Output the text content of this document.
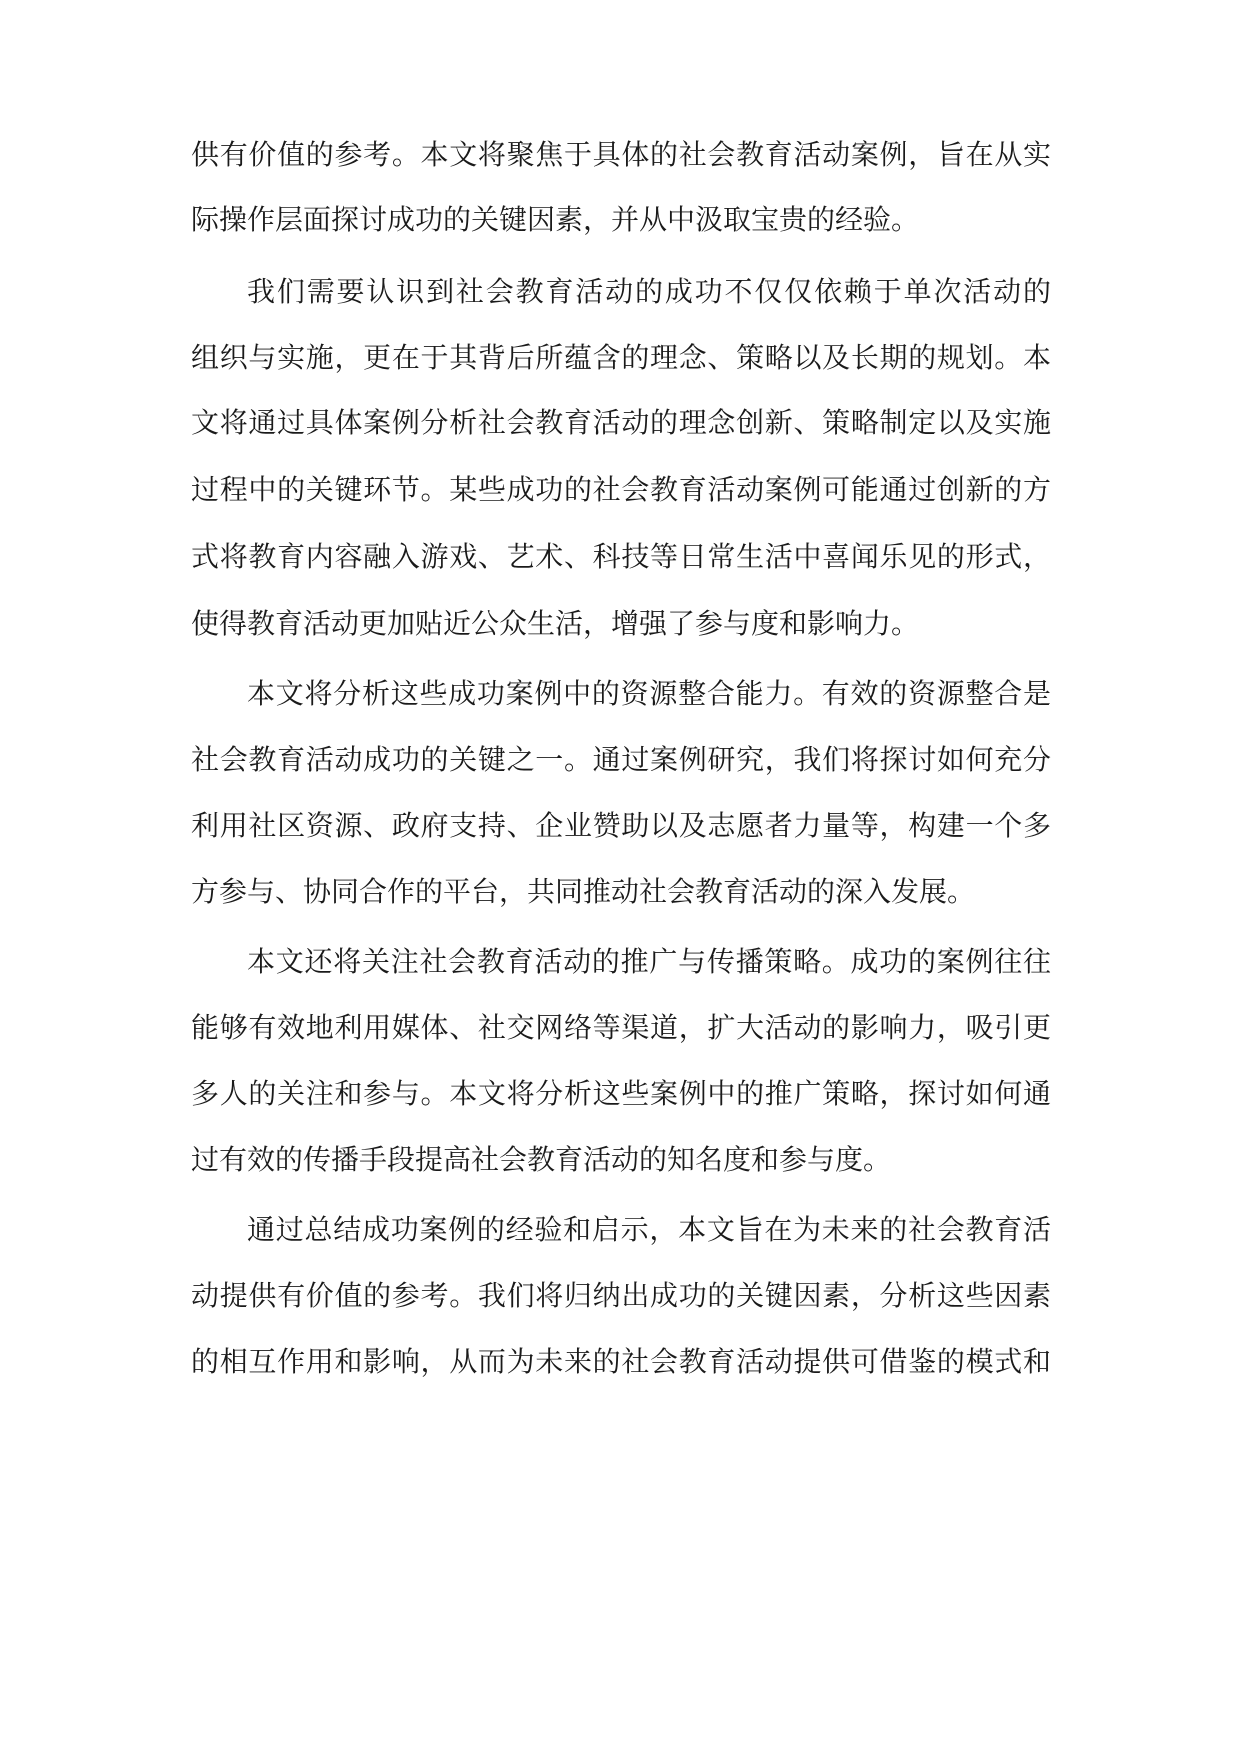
供有价值的参考。本文将聚焦于具体的社会教育活动案例，旨在从实
际操作层面探讨成功的关键因素，并从中汲取宝贵的经验。
我们需要认识到社会教育活动的成功不仅仅依赖于单次活动的
组织与实施，更在于其背后所蕴含的理念、策略以及长期的规划。本
文将通过具体案例分析社会教育活动的理念创新、策略制定以及实施
过程中的关键环节。某些成功的社会教育活动案例可能通过创新的方
式将教育内容融入游戏、艺术、科技等日常生活中喜闻乐见的形式，
使得教育活动更加贴近公众生活，增强了参与度和影响力。
本文将分析这些成功案例中的资源整合能力。有效的资源整合是
社会教育活动成功的关键之一。通过案例研究，我们将探讨如何充分
利用社区资源、政府支持、企业赞助以及志愿者力量等，构建一个多
方参与、协同合作的平台，共同推动社会教育活动的深入发展。
本文还将关注社会教育活动的推广与传播策略。成功的案例往往
能够有效地利用媒体、社交网络等渠道，扩大活动的影响力，吸引更
多人的关注和参与。本文将分析这些案例中的推广策略，探讨如何通
过有效的传播手段提高社会教育活动的知名度和参与度。
通过总结成功案例的经验和启示，本文旨在为未来的社会教育活
动提供有价值的参考。我们将归纳出成功的关键因素，分析这些因素
的相互作用和影响，从而为未来的社会教育活动提供可借鉴的模式和
